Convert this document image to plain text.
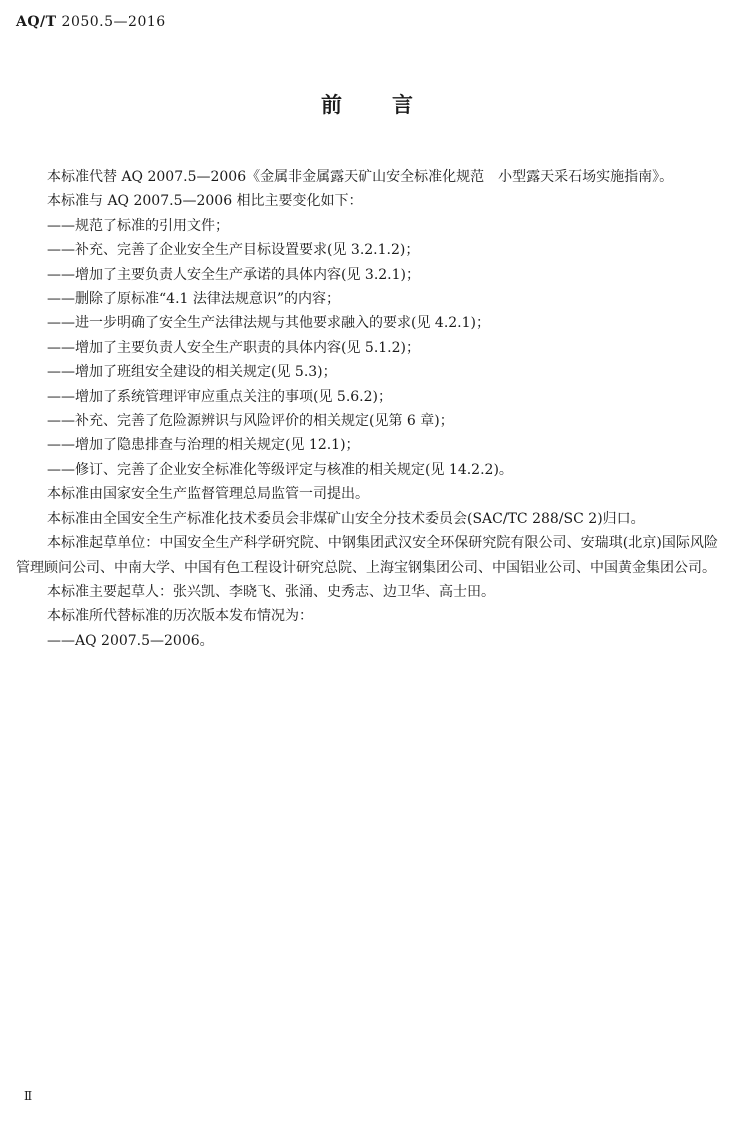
AQ/T 2050.5—2016
前言

本标准代替 AQ 2007.5—2006《金属非金属露天矿山安全标准化规范　小型露天采石场实施指南》。

本标准与 AQ 2007.5—2006 相比主要变化如下：

——规范了标准的引用文件；

——补充、完善了企业安全生产目标设置要求(见 3.2.1.2)；

——增加了主要负责人安全生产承诺的具体内容(见 3.2.1)；

——删除了原标准“4.1 法律法规意识”的内容；

——进一步明确了安全生产法律法规与其他要求融入的要求(见 4.2.1)；

——增加了主要负责人安全生产职责的具体内容(见 5.1.2)；

——增加了班组安全建设的相关规定(见 5.3)；

——增加了系统管理评审应重点关注的事项(见 5.6.2)；

——补充、完善了危险源辨识与风险评价的相关规定(见第 6 章)；

——增加了隐患排查与治理的相关规定(见 12.1)；

——修订、完善了企业安全标准化等级评定与核准的相关规定(见 14.2.2)。

本标准由国家安全生产监督管理总局监管一司提出。

本标准由全国安全生产标准化技术委员会非煤矿山安全分技术委员会(SAC/TC 288/SC 2)归口。

本标准起草单位：中国安全生产科学研究院、中钢集团武汉安全环保研究院有限公司、安瑞琪(北京)国际风险管理顾问公司、中南大学、中国有色工程设计研究总院、上海宝钢集团公司、中国铝业公司、中国黄金集团公司。

本标准主要起草人：张兴凯、李晓飞、张涌、史秀志、边卫华、高士田。

本标准所代替标准的历次版本发布情况为：

——AQ 2007.5—2006。

Ⅱ
